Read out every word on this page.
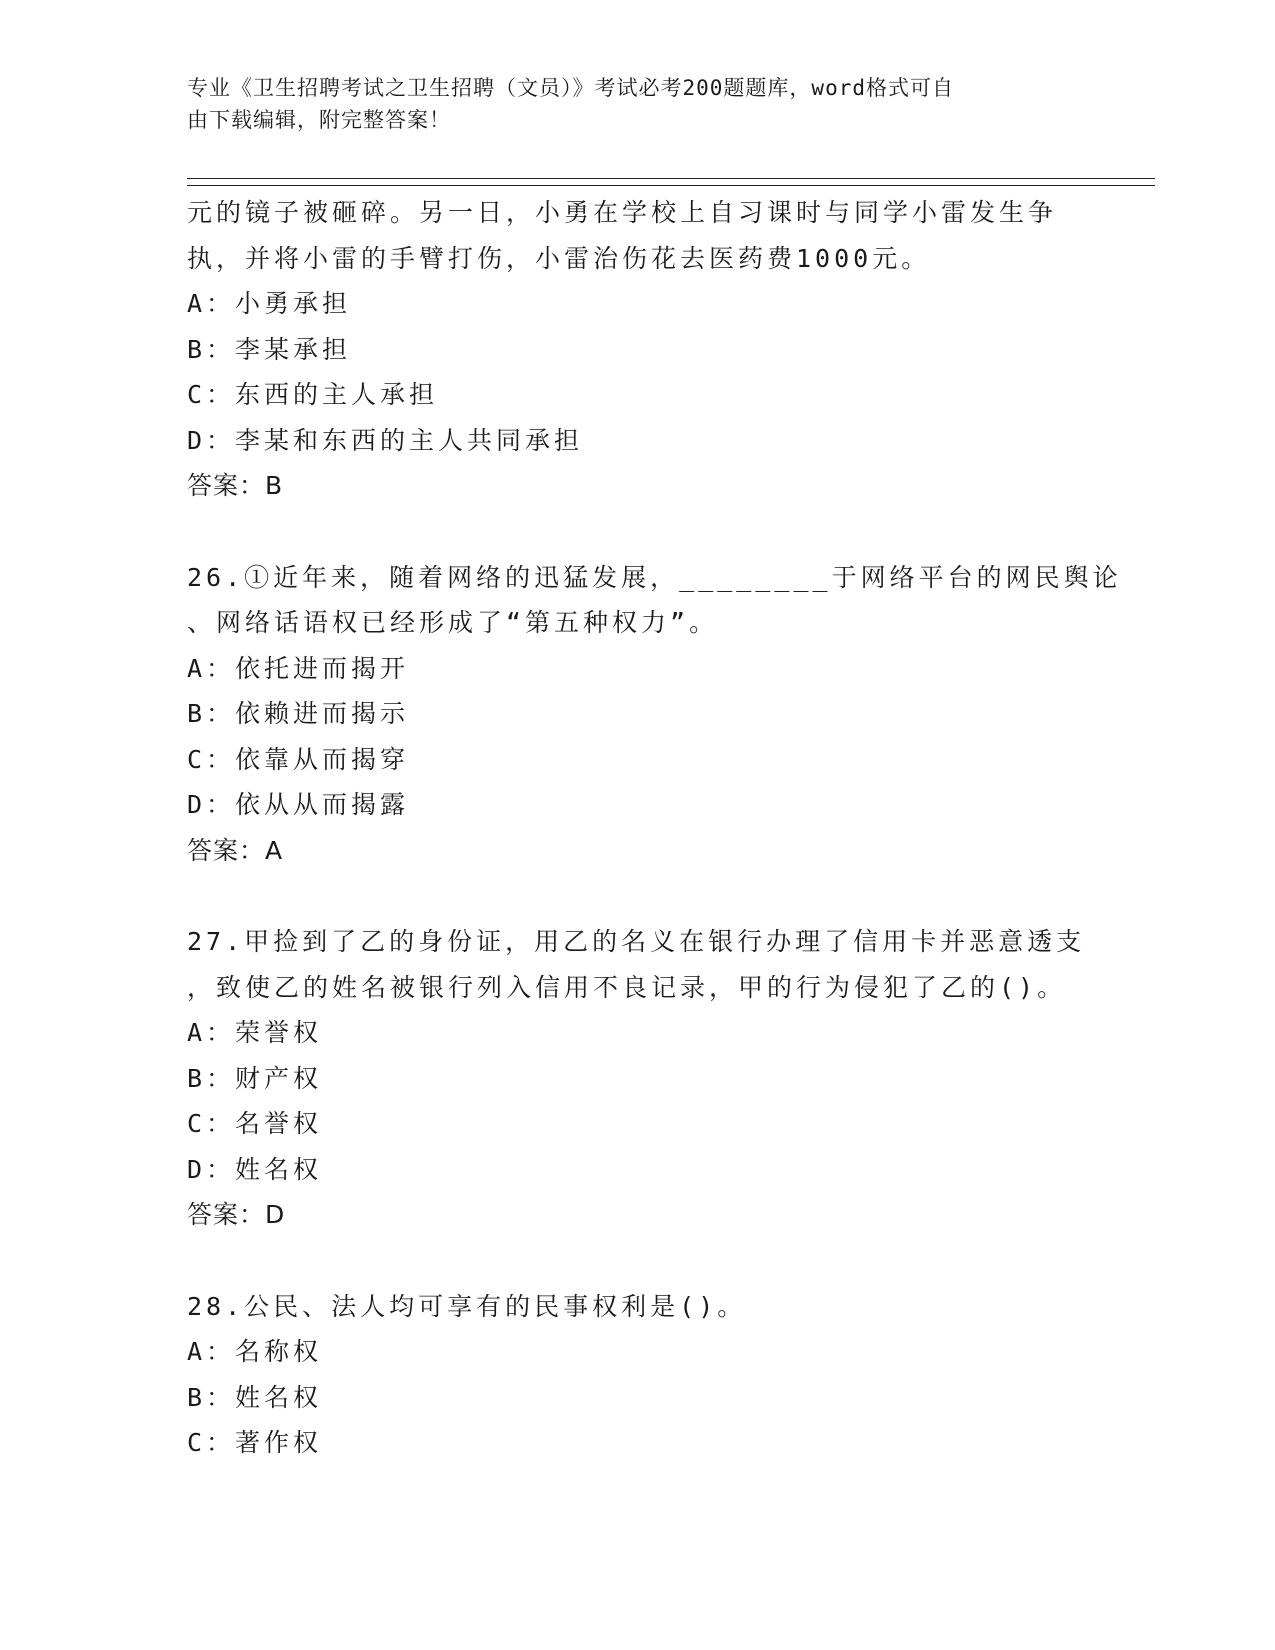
专业《卫生招聘考试之卫生招聘（文员）》考试必考200题题库，word格式可自
由下载编辑，附完整答案！
元的镜子被砸碎。另一日，小勇在学校上自习课时与同学小雷发生争
执，并将小雷的手臂打伤，小雷治伤花去医药费1000元。
A：小勇承担
B：李某承担
C：东西的主人承担
D：李某和东西的主人共同承担
答案：B
26.①近年来，随着网络的迅猛发展，________于网络平台的网民舆论
、网络话语权已经形成了“第五种权力”。
A：依托进而揭开
B：依赖进而揭示
C：依靠从而揭穿
D：依从从而揭露
答案：A
27.甲捡到了乙的身份证，用乙的名义在银行办理了信用卡并恶意透支
，致使乙的姓名被银行列入信用不良记录，甲的行为侵犯了乙的()。
A：荣誉权
B：财产权
C：名誉权
D：姓名权
答案：D
28.公民、法人均可享有的民事权利是()。
A：名称权
B：姓名权
C：著作权
